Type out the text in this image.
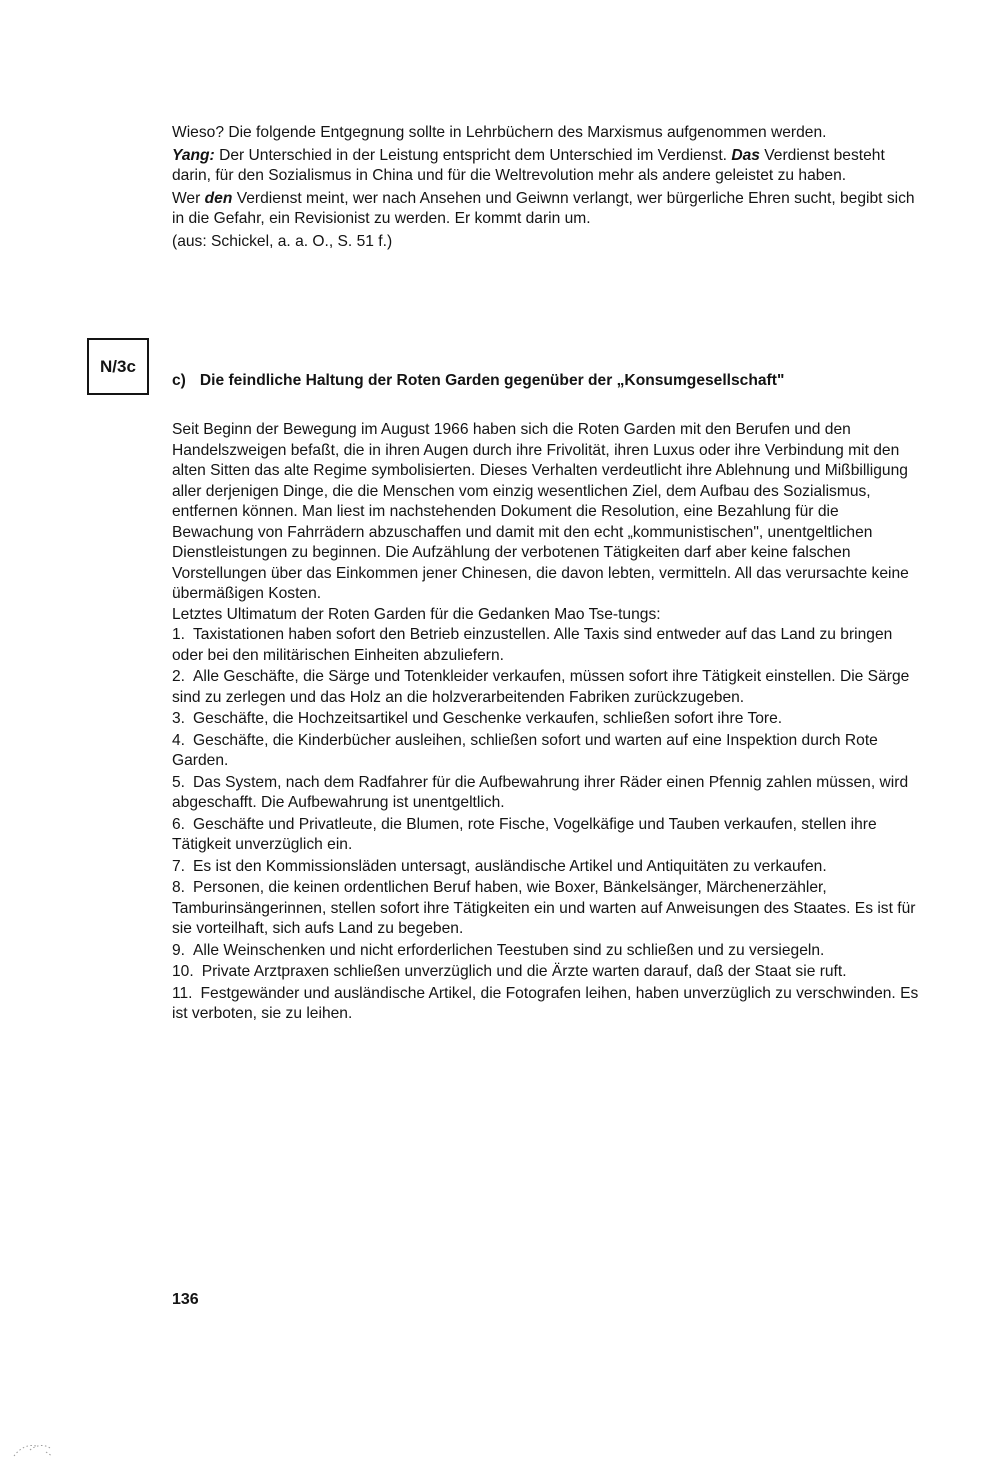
Wieso? Die folgende Entgegnung sollte in Lehrbüchern des Marxismus aufgenommen werden.

Yang: Der Unterschied in der Leistung entspricht dem Unterschied im Verdienst. Das Verdienst besteht darin, für den Sozialismus in China und für die Weltrevolution mehr als andere geleistet zu haben.

Wer den Verdienst meint, wer nach Ansehen und Geiwnn verlangt, wer bürgerliche Ehren sucht, begibt sich in die Gefahr, ein Revisionist zu werden. Er kommt darin um.

(aus: Schickel, a. a. O., S. 51 f.)

N/3c
c) Die feindliche Haltung der Roten Garden gegenüber der „Konsumgesellschaft"

Seit Beginn der Bewegung im August 1966 haben sich die Roten Garden mit den Berufen und den Handelszweigen befaßt, die in ihren Augen durch ihre Frivolität, ihren Luxus oder ihre Verbindung mit den alten Sitten das alte Regime symbolisierten. Dieses Verhalten verdeutlicht ihre Ablehnung und Mißbilligung aller derjenigen Dinge, die die Menschen vom einzig wesentlichen Ziel, dem Aufbau des Sozialismus, entfernen können. Man liest im nachstehenden Dokument die Resolution, eine Bezahlung für die Bewachung von Fahrrädern abzuschaffen und damit mit den echt „kommunistischen", unentgeltlichen Dienstleistungen zu beginnen. Die Aufzählung der verbotenen Tätigkeiten darf aber keine falschen Vorstellungen über das Einkommen jener Chinesen, die davon lebten, vermitteln. All das verursachte keine übermäßigen Kosten.

Letztes Ultimatum der Roten Garden für die Gedanken Mao Tse-tungs:

1. Taxistationen haben sofort den Betrieb einzustellen. Alle Taxis sind entweder auf das Land zu bringen oder bei den militärischen Einheiten abzuliefern.
2. Alle Geschäfte, die Särge und Totenkleider verkaufen, müssen sofort ihre Tätigkeit einstellen. Die Särge sind zu zerlegen und das Holz an die holzverarbeitenden Fabriken zurückzugeben.
3. Geschäfte, die Hochzeitsartikel und Geschenke verkaufen, schließen sofort ihre Tore.
4. Geschäfte, die Kinderbücher ausleihen, schließen sofort und warten auf eine Inspektion durch Rote Garden.
5. Das System, nach dem Radfahrer für die Aufbewahrung ihrer Räder einen Pfennig zahlen müssen, wird abgeschafft. Die Aufbewahrung ist unentgeltlich.
6. Geschäfte und Privatleute, die Blumen, rote Fische, Vogelkäfige und Tauben verkaufen, stellen ihre Tätigkeit unverzüglich ein.
7. Es ist den Kommissionsläden untersagt, ausländische Artikel und Antiquitäten zu verkaufen.
8. Personen, die keinen ordentlichen Beruf haben, wie Boxer, Bänkelsänger, Märchenerzähler, Tamburinsängerinnen, stellen sofort ihre Tätigkeiten ein und warten auf Anweisungen des Staates. Es ist für sie vorteilhaft, sich aufs Land zu begeben.
9. Alle Weinschenken und nicht erforderlichen Teestuben sind zu schließen und zu versiegeln.
10. Private Arztpraxen schließen unverzüglich und die Ärzte warten darauf, daß der Staat sie ruft.
11. Festgewänder und ausländische Artikel, die Fotografen leihen, haben unverzüglich zu verschwinden. Es ist verboten, sie zu leihen.
136
